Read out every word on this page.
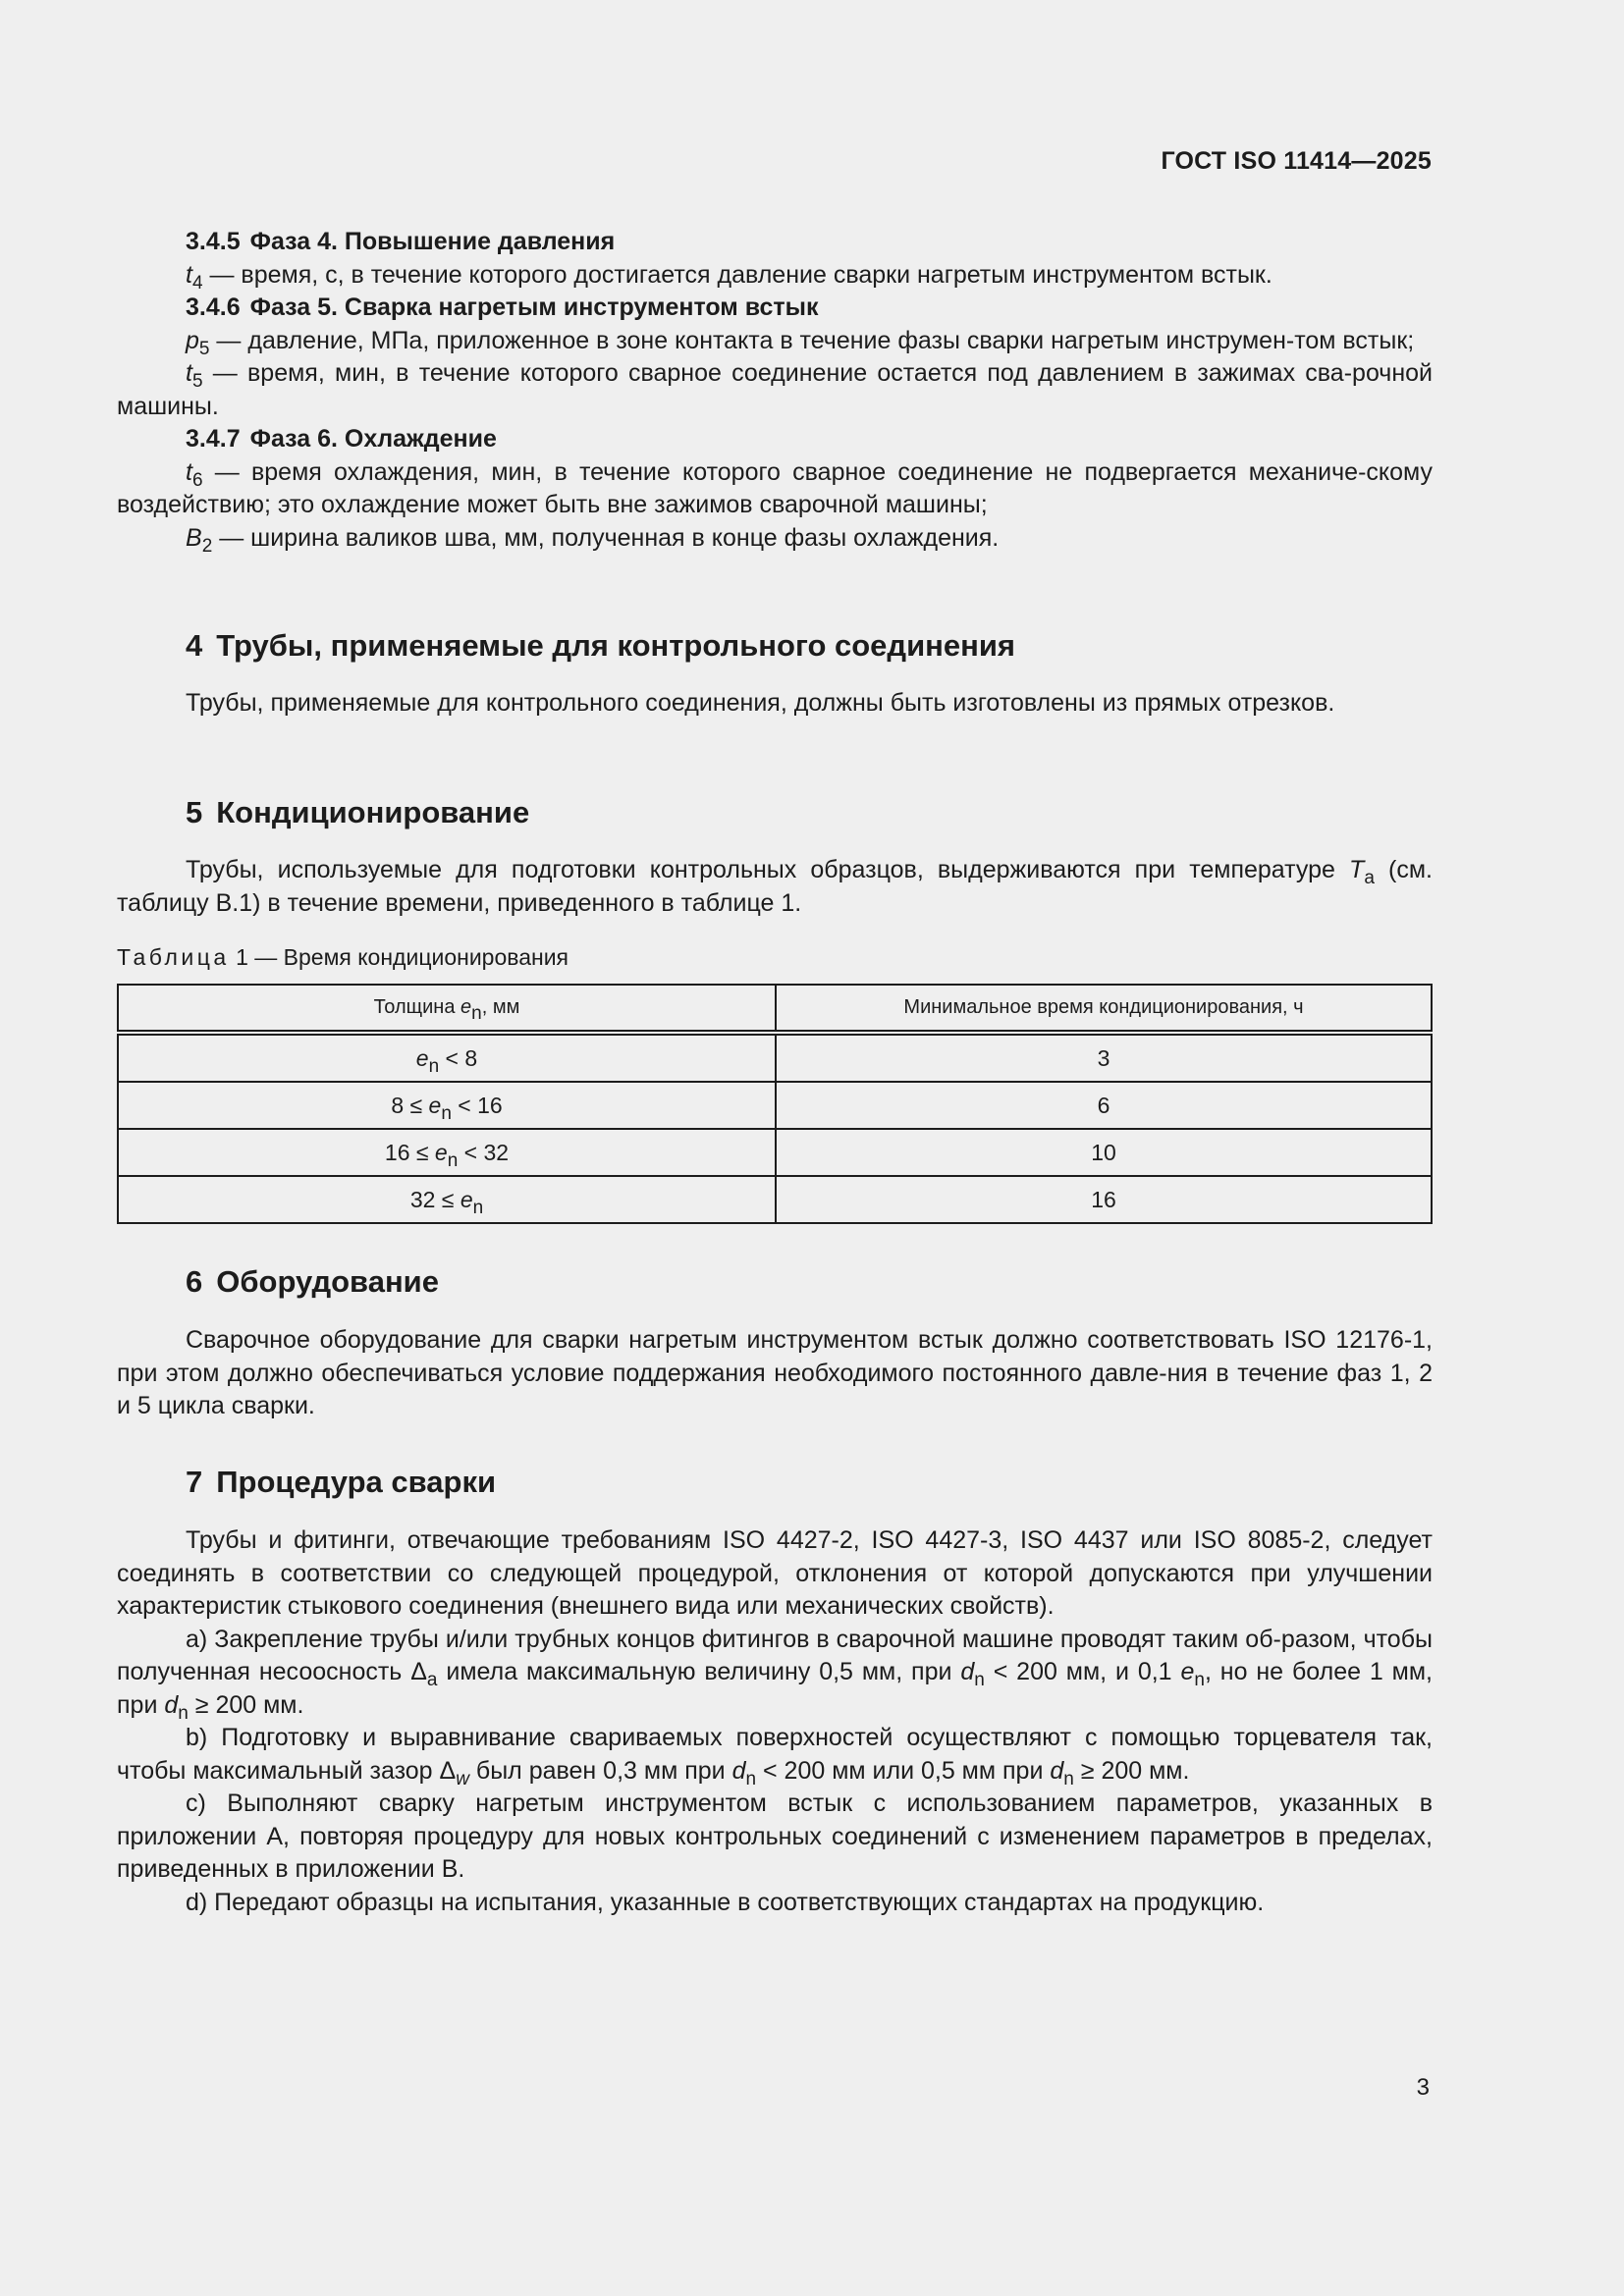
ГОСТ ISO 11414—2025
3.4.5 Фаза 4. Повышение давления

$t_4$ — время, с, в течение которого достигается давление сварки нагретым инструментом встык.

3.4.6 Фаза 5. Сварка нагретым инструментом встык

$p_5$ — давление, МПа, приложенное в зоне контакта в течение фазы сварки нагретым инструмен-том встык;

$t_5$ — время, мин, в течение которого сварное соединение остается под давлением в зажимах сва-рочной машины.

3.4.7 Фаза 6. Охлаждение

$t_6$ — время охлаждения, мин, в течение которого сварное соединение не подвергается механиче-скому воздействию; это охлаждение может быть вне зажимов сварочной машины;

$B_2$ — ширина валиков шва, мм, полученная в конце фазы охлаждения.

4 Трубы, применяемые для контрольного соединения

Трубы, применяемые для контрольного соединения, должны быть изготовлены из прямых отрезков.

5 Кондиционирование

Трубы, используемые для подготовки контрольных образцов, выдерживаются при температуре $T_a$ (см. таблицу В.1) в течение времени, приведенного в таблице 1.

Таблица 1 — Время кондиционирования
Толщина $e_n$, мм	Минимальное время кондиционирования, ч
$e_n < 8$	3
$8 \le e_n < 16$	6
$16 \le e_n < 32$	10
$32 \le e_n$	16
6 Оборудование

Сварочное оборудование для сварки нагретым инструментом встык должно соответствовать ISO 12176-1, при этом должно обеспечиваться условие поддержания необходимого постоянного давле-ния в течение фаз 1, 2 и 5 цикла сварки.

7 Процедура сварки

Трубы и фитинги, отвечающие требованиям ISO 4427-2, ISO 4427-3, ISO 4437 или ISO 8085-2, следует соединять в соответствии со следующей процедурой, отклонения от которой допускаются при улучшении характеристик стыкового соединения (внешнего вида или механических свойств).

a) Закрепление трубы и/или трубных концов фитингов в сварочной машине проводят таким об-разом, чтобы полученная несоосность $\Delta_a$ имела максимальную величину 0,5 мм, при $d_n < 200$ мм, и 0,1 $e_n$, но не более 1 мм, при $d_n \ge 200$ мм.

b) Подготовку и выравнивание свариваемых поверхностей осуществляют с помощью торцевателя так, чтобы максимальный зазор $\Delta_w$ был равен 0,3 мм при $d_n < 200$ мм или 0,5 мм при $d_n \ge 200$ мм.

c) Выполняют сварку нагретым инструментом встык с использованием параметров, указанных в приложении А, повторяя процедуру для новых контрольных соединений с изменением параметров в пределах, приведенных в приложении В.

d) Передают образцы на испытания, указанные в соответствующих стандартах на продукцию.

3
